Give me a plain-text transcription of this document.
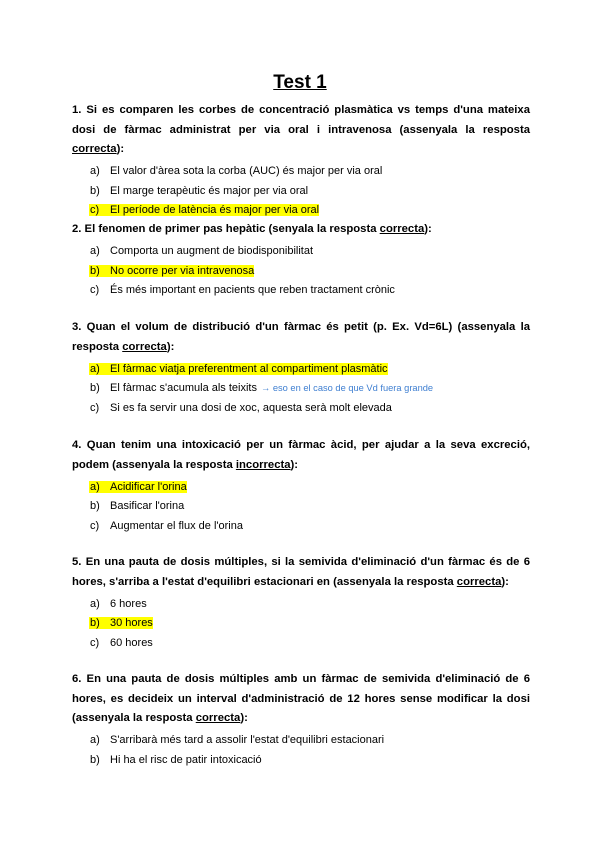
Test 1

1. Si es comparen les corbes de concentració plasmàtica vs temps d'una mateixa dosi de fàrmac administrat per via oral i intravenosa (assenyala la resposta correcta):

a) El valor d'àrea sota la corba (AUC) és major per via oral
b) El marge terapèutic és major per via oral
c) El període de latència és major per via oral

2. El fenomen de primer pas hepàtic (senyala la resposta correcta):

a) Comporta un augment de biodisponibilitat
b) No ocorre per via intravenosa
c) És més important en pacients que reben tractament crònic

3. Quan el volum de distribució d'un fàrmac és petit (p. Ex. Vd=6L) (assenyala la resposta correcta):

a) El fàrmac viatja preferentment al compartiment plasmàtic
b) El fàrmac s'acumula als teixits → eso en el caso de que Vd fuera grande
c) Si es fa servir una dosi de xoc, aquesta serà molt elevada

4. Quan tenim una intoxicació per un fàrmac àcid, per ajudar a la seva excreció, podem (assenyala la resposta incorrecta):

a) Acidificar l'orina
b) Basificar l'orina
c) Augmentar el flux de l'orina

5. En una pauta de dosis múltiples, si la semivida d'eliminació d'un fàrmac és de 6 hores, s'arriba a l'estat d'equilibri estacionari en (assenyala la resposta correcta):

a) 6 hores
b) 30 hores
c) 60 hores

6. En una pauta de dosis múltiples amb un fàrmac de semivida d'eliminació de 6 hores, es decideix un interval d'administració de 12 hores sense modificar la dosi (assenyala la resposta correcta):

a) S'arribarà més tard a assolir l'estat d'equilibri estacionari
b) Hi ha el risc de patir intoxicació
